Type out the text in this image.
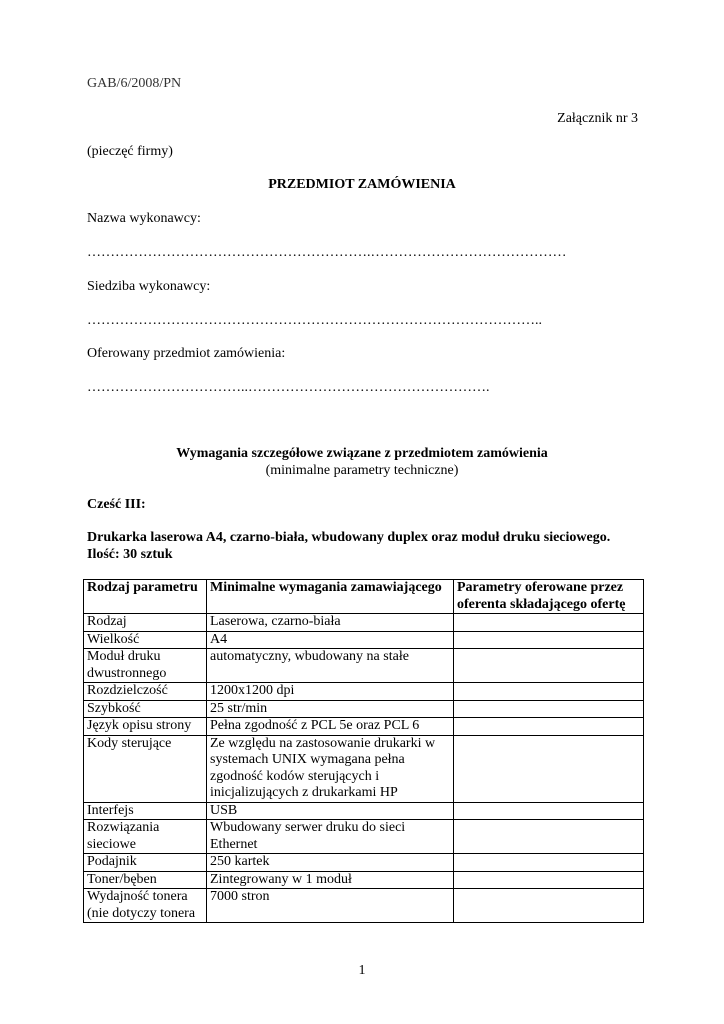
GAB/6/2008/PN
Załącznik nr 3
(pieczęć firmy)
PRZEDMIOT ZAMÓWIENIA
Nazwa wykonawcy:
…………………………………………………….……………………………………
Siedziba wykonawcy:
……………………………………………………………………………………..
Oferowany przedmiot zamówienia:
……………………………..…………………………………………….
Wymagania szczegółowe związane z przedmiotem zamówienia
(minimalne parametry techniczne)
Cześć III:
Drukarka laserowa A4, czarno-biała, wbudowany duplex oraz moduł druku sieciowego.
Ilość: 30 sztuk
Rodzaj parametru	Minimalne wymagania zamawiającego	Parametry oferowane przez oferenta składającego ofertę
Rodzaj	Laserowa, czarno-biała	
Wielkość	A4	
Moduł druku dwustronnego	automatyczny, wbudowany na stałe	
Rozdzielczość	1200x1200 dpi	
Szybkość	25 str/min	
Język opisu strony	Pełna zgodność z PCL 5e oraz PCL 6	
Kody sterujące	Ze względu na zastosowanie drukarki w systemach UNIX wymagana pełna zgodność kodów sterujących i inicjalizujących z drukarkami HP	
Interfejs	USB	
Rozwiązania sieciowe	Wbudowany serwer druku do sieci Ethernet	
Podajnik	250 kartek	
Toner/bęben	Zintegrowany w 1 moduł	
Wydajność tonera (nie dotyczy tonera	7000 stron	
1
